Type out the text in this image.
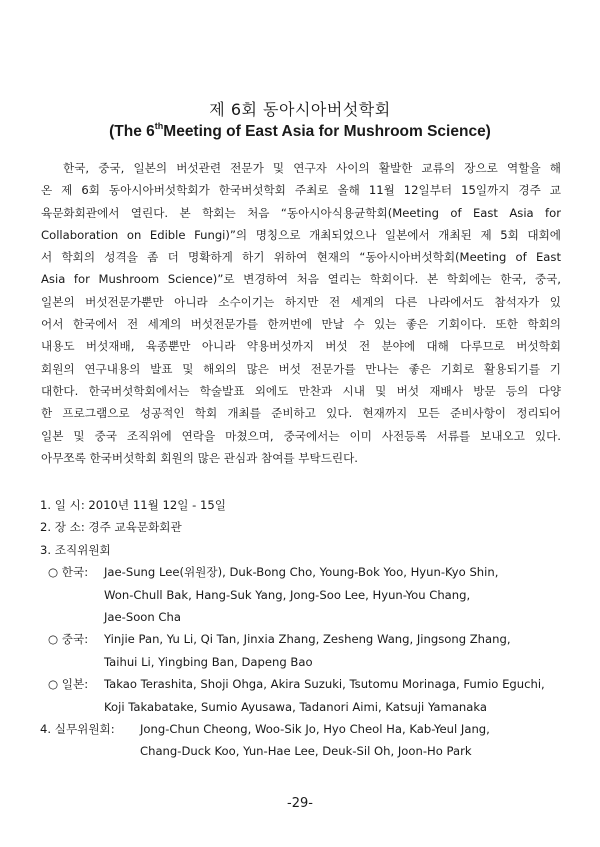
제 6회 동아시아버섯학회
(The 6thMeeting of East Asia for Mushroom Science)
한국, 중국, 일본의 버섯관련 전문가 및 연구자 사이의 활발한 교류의 장으로 역할을 해
온 제 6회 동아시아버섯학회가 한국버섯학회 주최로 올해 11월 12일부터 15일까지 경주 교
육문화회관에서 열린다. 본 학회는 처음 “동아시아식용균학회(Meeting of East Asia for
Collaboration on Edible Fungi)”의 명칭으로 개최되었으나 일본에서 개최된 제 5회 대회에
서 학회의 성격을 좀 더 명확하게 하기 위하여 현재의 “동아시아버섯학회(Meeting of East
Asia for Mushroom Science)”로 변경하여 처음 열리는 학회이다. 본 학회에는 한국, 중국,
일본의 버섯전문가뿐만 아니라 소수이기는 하지만 전 세계의 다른 나라에서도 참석자가 있
어서 한국에서 전 세계의 버섯전문가를 한꺼번에 만날 수 있는 좋은 기회이다. 또한 학회의
내용도 버섯재배, 육종뿐만 아니라 약용버섯까지 버섯 전 분야에 대해 다루므로 버섯학회
회원의 연구내용의 발표 및 해외의 많은 버섯 전문가를 만나는 좋은 기회로 활용되기를 기
대한다. 한국버섯학회에서는 학술발표 외에도 만찬과 시내 및 버섯 재배사 방문 등의 다양
한 프로그램으로 성공적인 학회 개최를 준비하고 있다. 현재까지 모든 준비사항이 정리되어
일본 및 중국 조직위에 연락을 마쳤으며, 중국에서는 이미 사전등록 서류를 보내오고 있다.
아무쪼록 한국버섯학회 회원의 많은 관심과 참여를 부탁드린다.
1. 일 시: 2010년 11월 12일 - 15일
2. 장 소: 경주 교육문화회관
3. 조직위원회
○ 한국:	Jae-Sung Lee(위원장), Duk-Bong Cho, Young-Bok Yoo, Hyun-Kyo Shin,
Won-Chull Bak, Hang-Suk Yang, Jong-Soo Lee, Hyun-You Chang,
Jae-Soon Cha
○ 중국:	Yinjie Pan, Yu Li, Qi Tan, Jinxia Zhang, Zesheng Wang, Jingsong Zhang,
Taihui Li, Yingbing Ban, Dapeng Bao
○ 일본:	Takao Terashita, Shoji Ohga, Akira Suzuki, Tsutomu Morinaga, Fumio Eguchi,
Koji Takabatake, Sumio Ayusawa, Tadanori Aimi, Katsuji Yamanaka
4. 실무위원회:	Jong-Chun Cheong, Woo-Sik Jo, Hyo Cheol Ha, Kab-Yeul Jang,
Chang-Duck Koo, Yun-Hae Lee, Deuk-Sil Oh, Joon-Ho Park
-29-
